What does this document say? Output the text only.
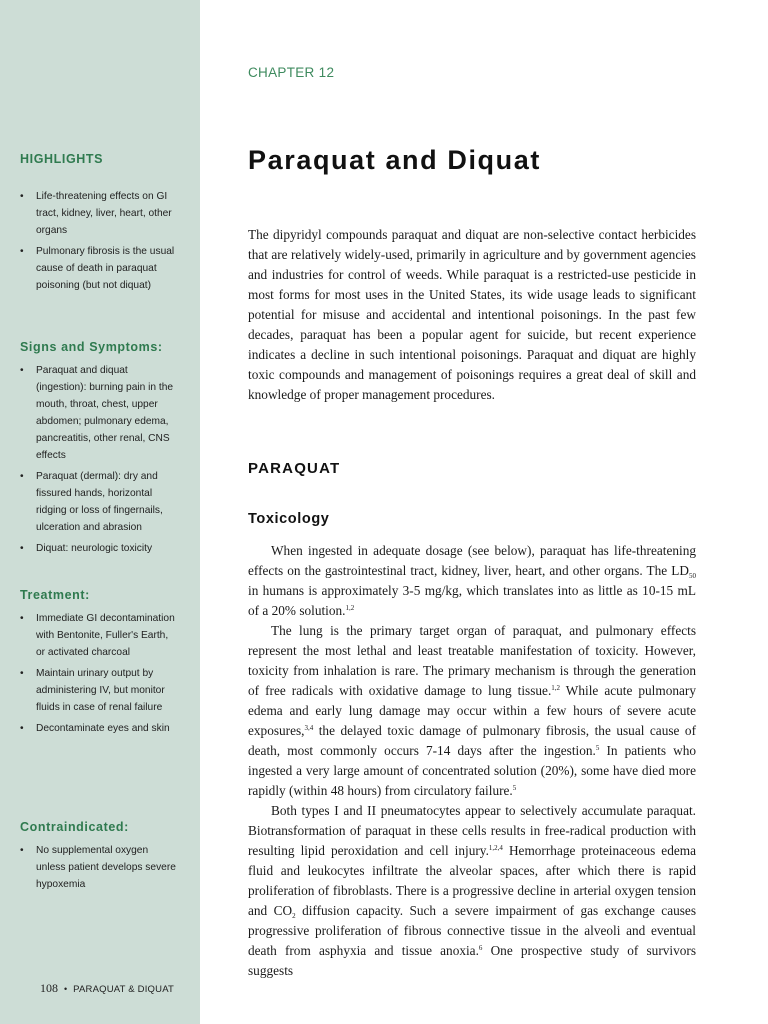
HIGHLIGHTS
• Life-threatening effects on GI tract, kidney, liver, heart, other organs
• Pulmonary fibrosis is the usual cause of death in paraquat poisoning (but not diquat)
Signs and Symptoms:
• Paraquat and diquat (ingestion): burning pain in the mouth, throat, chest, upper abdomen; pulmonary edema, pancreatitis, other renal, CNS effects
• Paraquat (dermal): dry and fissured hands, horizontal ridging or loss of fingernails, ulceration and abrasion
• Diquat: neurologic toxicity
Treatment:
• Immediate GI decontamination with Bentonite, Fuller's Earth, or activated charcoal
• Maintain urinary output by administering IV, but monitor fluids in case of renal failure
• Decontaminate eyes and skin
Contraindicated:
• No supplemental oxygen unless patient develops severe hypoxemia
108 • PARAQUAT & DIQUAT
CHAPTER 12
Paraquat and Diquat

The dipyridyl compounds paraquat and diquat are non-selective contact herbicides that are relatively widely-used, primarily in agriculture and by government agencies and industries for control of weeds. While paraquat is a restricted-use pesticide in most forms for most uses in the United States, its wide usage leads to significant potential for misuse and accidental and intentional poisonings. In the past few decades, paraquat has been a popular agent for suicide, but recent experience indicates a decline in such intentional poisonings. Paraquat and diquat are highly toxic compounds and management of poisonings requires a great deal of skill and knowledge of proper management procedures.

PARAQUAT
Toxicology

When ingested in adequate dosage (see below), paraquat has life-threatening effects on the gastrointestinal tract, kidney, liver, heart, and other organs. The $LD_{50}$ in humans is approximately 3-5 mg/kg, which translates into as little as 10-15 mL of a 20% solution.$^{1,2}$

The lung is the primary target organ of paraquat, and pulmonary effects represent the most lethal and least treatable manifestation of toxicity. However, toxicity from inhalation is rare. The primary mechanism is through the generation of free radicals with oxidative damage to lung tissue.$^{1,2}$ While acute pulmonary edema and early lung damage may occur within a few hours of severe acute exposures,$^{3,4}$ the delayed toxic damage of pulmonary fibrosis, the usual cause of death, most commonly occurs 7-14 days after the ingestion.$^5$ In patients who ingested a very large amount of concentrated solution (20%), some have died more rapidly (within 48 hours) from circulatory failure.$^5$

Both types I and II pneumatocytes appear to selectively accumulate paraquat. Biotransformation of paraquat in these cells results in free-radical production with resulting lipid peroxidation and cell injury.$^{1,2,4}$ Hemorrhage proteinaceous edema fluid and leukocytes infiltrate the alveolar spaces, after which there is rapid proliferation of fibroblasts. There is a progressive decline in arterial oxygen tension and $CO_2$ diffusion capacity. Such a severe impairment of gas exchange causes progressive proliferation of fibrous connective tissue in the alveoli and eventual death from asphyxia and tissue anoxia.$^6$ One prospective study of survivors suggests
